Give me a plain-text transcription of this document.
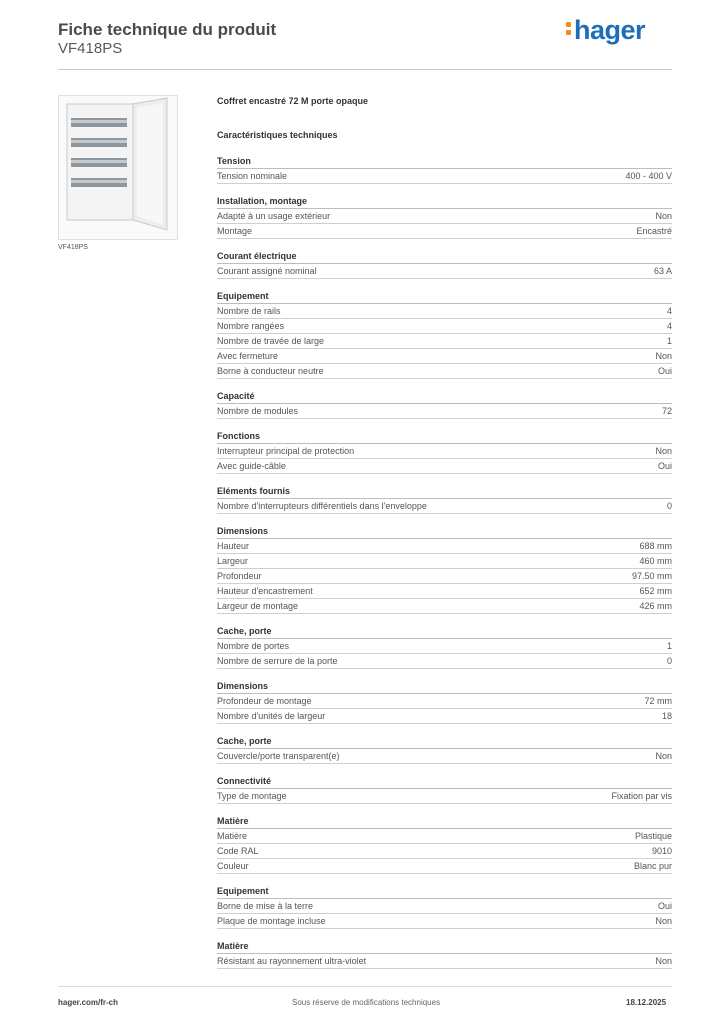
Fiche technique du produit
VF418PS
hager
VF418PS
Coffret encastré 72 M porte opaque
Caractéristiques techniques
Tension
Tension nominale	400 - 400 V
Installation, montage
Adapté à un usage extérieur	Non
Montage	Encastré
Courant électrique
Courant assigné nominal	63 A
Equipement
Nombre de rails	4
Nombre rangées	4
Nombre de travée de large	1
Avec fermeture	Non
Borne à conducteur neutre	Oui
Capacité
Nombre de modules	72
Fonctions
Interrupteur principal de protection	Non
Avec guide-câble	Oui
Eléments fournis
Nombre d'interrupteurs différentiels dans l'enveloppe	0
Dimensions
Hauteur	688 mm
Largeur	460 mm
Profondeur	97.50 mm
Hauteur d'encastrement	652 mm
Largeur de montage	426 mm
Cache, porte
Nombre de portes	1
Nombre de serrure de la porte	0
Dimensions
Profondeur de montage	72 mm
Nombre d'unités de largeur	18
Cache, porte
Couvercle/porte transparent(e)	Non
Connectivité
Type de montage	Fixation par vis
Matière
Matière	Plastique
Code RAL	9010
Couleur	Blanc pur
Equipement
Borne de mise à la terre	Oui
Plaque de montage incluse	Non
Matière
Résistant au rayonnement ultra-violet	Non
hager.com/fr-ch	Sous réserve de modifications techniques	18.12.2025
